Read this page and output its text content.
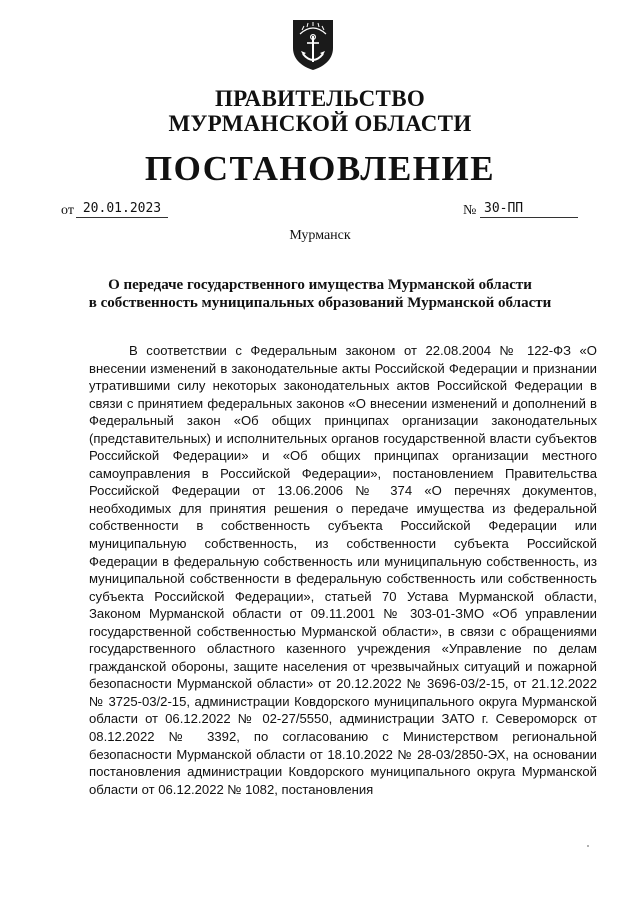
ПРАВИТЕЛЬСТВО
МУРМАНСКОЙ ОБЛАСТИ
ПОСТАНОВЛЕНИЕ
от 20.01.2023	№ 30-ПП
Мурманск
О передаче государственного имущества Мурманской области
в собственность муниципальных образований Мурманской области
В соответствии с Федеральным законом от 22.08.2004 № 122-ФЗ «О внесении изменений в законодательные акты Российской Федерации и признании утратившими силу некоторых законодательных актов Российской Федерации в связи с принятием федеральных законов «О внесении изменений и дополнений в Федеральный закон «Об общих принципах организации законодательных (представительных) и исполнительных органов государственной власти субъектов Российской Федерации» и «Об общих принципах организации местного самоуправления в Российской Федерации», постановлением Правительства Российской Федерации от 13.06.2006 № 374 «О перечнях документов, необходимых для принятия решения о передаче имущества из федеральной собственности в собственность субъекта Российской Федерации или муниципальную собственность, из собственности субъекта Российской Федерации в федеральную собственность или муниципальную собственность, из муниципальной собственности в федеральную собственность или собственность субъекта Российской Федерации», статьей 70 Устава Мурманской области, Законом Мурманской области от 09.11.2001 № 303-01-ЗМО «Об управлении государственной собственностью Мурманской области», в связи с обращениями государственного областного казенного учреждения «Управление по делам гражданской обороны, защите населения от чрезвычайных ситуаций и пожарной безопасности Мурманской области» от 20.12.2022 № 3696-03/2-15, от 21.12.2022 № 3725-03/2-15, администрации Ковдорского муниципального округа Мурманской области от 06.12.2022 № 02-27/5550, администрации ЗАТО г. Североморск от 08.12.2022 № 3392, по согласованию с Министерством региональной безопасности Мурманской области от 18.10.2022 № 28-03/2850-ЭХ, на основании постановления администрации Ковдорского муниципального округа Мурманской области от 06.12.2022 № 1082, постановления
